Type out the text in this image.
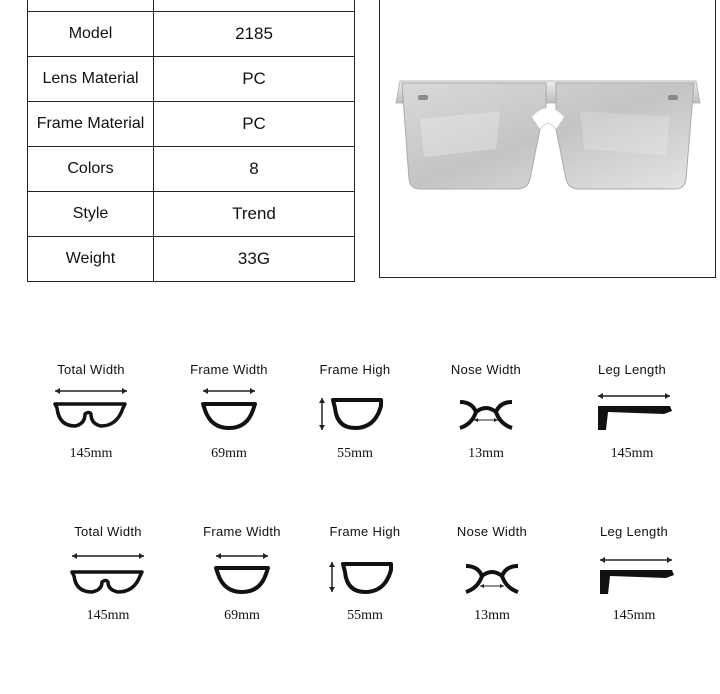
Model	2185
Lens Material	PC
Frame Material	PC
Colors	8
Style	Trend
Weight	33G
Total Width
145mm
Frame Width
69mm
Frame High
55mm
Nose Width
13mm
Leg Length
145mm
Total Width
145mm
Frame Width
69mm
Frame High
55mm
Nose Width
13mm
Leg Length
145mm
